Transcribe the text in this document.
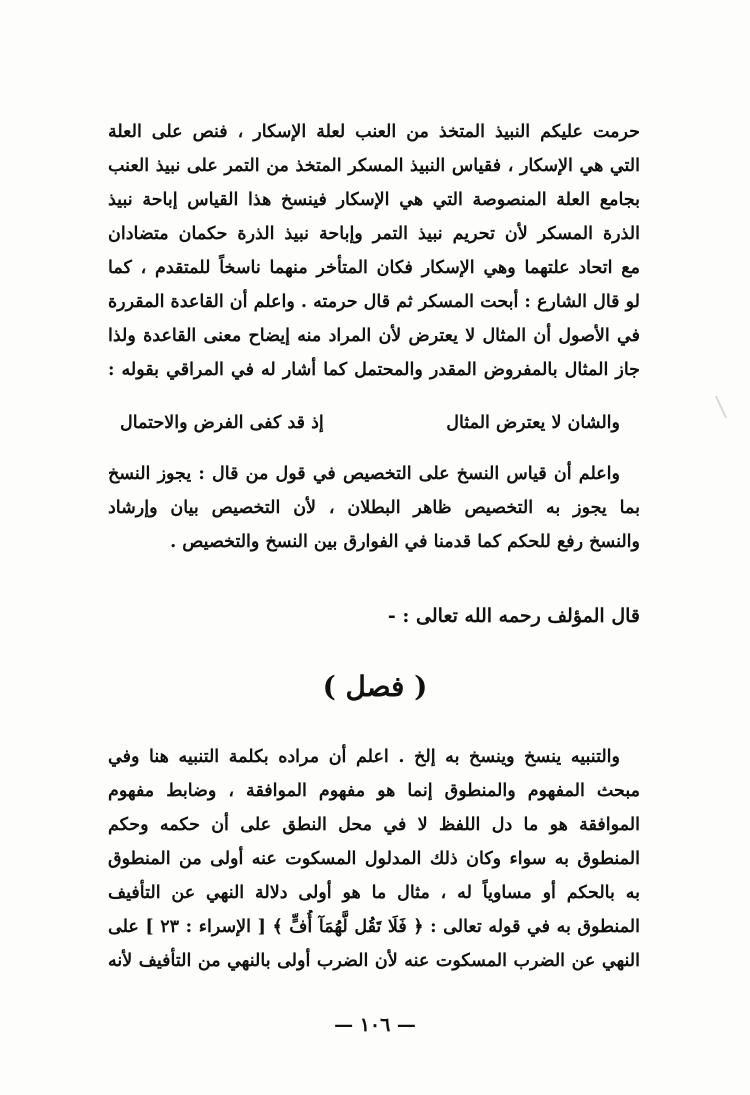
حرمت عليكم النبيذ المتخذ من العنب لعلة الإسكار ، فنص على العلة
التي هي الإسكار ، فقياس النبيذ المسكر المتخذ من التمر على نبيذ العنب
بجامع العلة المنصوصة التي هي الإسكار فينسخ هذا القياس إباحة نبيذ
الذرة المسكر لأن تحريم نبيذ التمر وإباحة نبيذ الذرة حكمان متضادان
مع اتحاد علتهما وهي الإسكار فكان المتأخر منهما ناسخاً للمتقدم ، كما
لو قال الشارع : أبحت المسكر ثم قال حرمته . واعلم أن القاعدة المقررة
في الأصول أن المثال لا يعترض لأن المراد منه إيضاح معنى القاعدة ولذا
جاز المثال بالمفروض المقدر والمحتمل كما أشار له في المراقي بقوله :
والشان لا يعترض المثال
إذ قد كفى الفرض والاحتمال
واعلم أن قياس النسخ على التخصيص في قول من قال : يجوز النسخ
بما يجوز به التخصيص ظاهر البطلان ، لأن التخصيص بيان وإرشاد
والنسخ رفع للحكم كما قدمنا في الفوارق بين النسخ والتخصيص .
قال المؤلف رحمه الله تعالى : -
( فصل )
والتنبيه ينسخ وينسخ به إلخ . اعلم أن مراده بكلمة التنبيه هنا وفي
مبحث المفهوم والمنطوق إنما هو مفهوم الموافقة ، وضابط مفهوم
الموافقة هو ما دل اللفظ لا في محل النطق على أن حكمه وحكم
المنطوق به سواء وكان ذلك المدلول المسكوت عنه أولى من المنطوق
به بالحكم أو مساوياً له ، مثال ما هو أولى دلالة النهي عن التأفيف
المنطوق به في قوله تعالى : ﴿ فَلَا تَقُل لَّهُمَآ أُفٍّ ﴾ [ الإسراء : ٢٣ ] على
النهي عن الضرب المسكوت عنه لأن الضرب أولى بالنهي من التأفيف لأنه
— ١٠٦ —
